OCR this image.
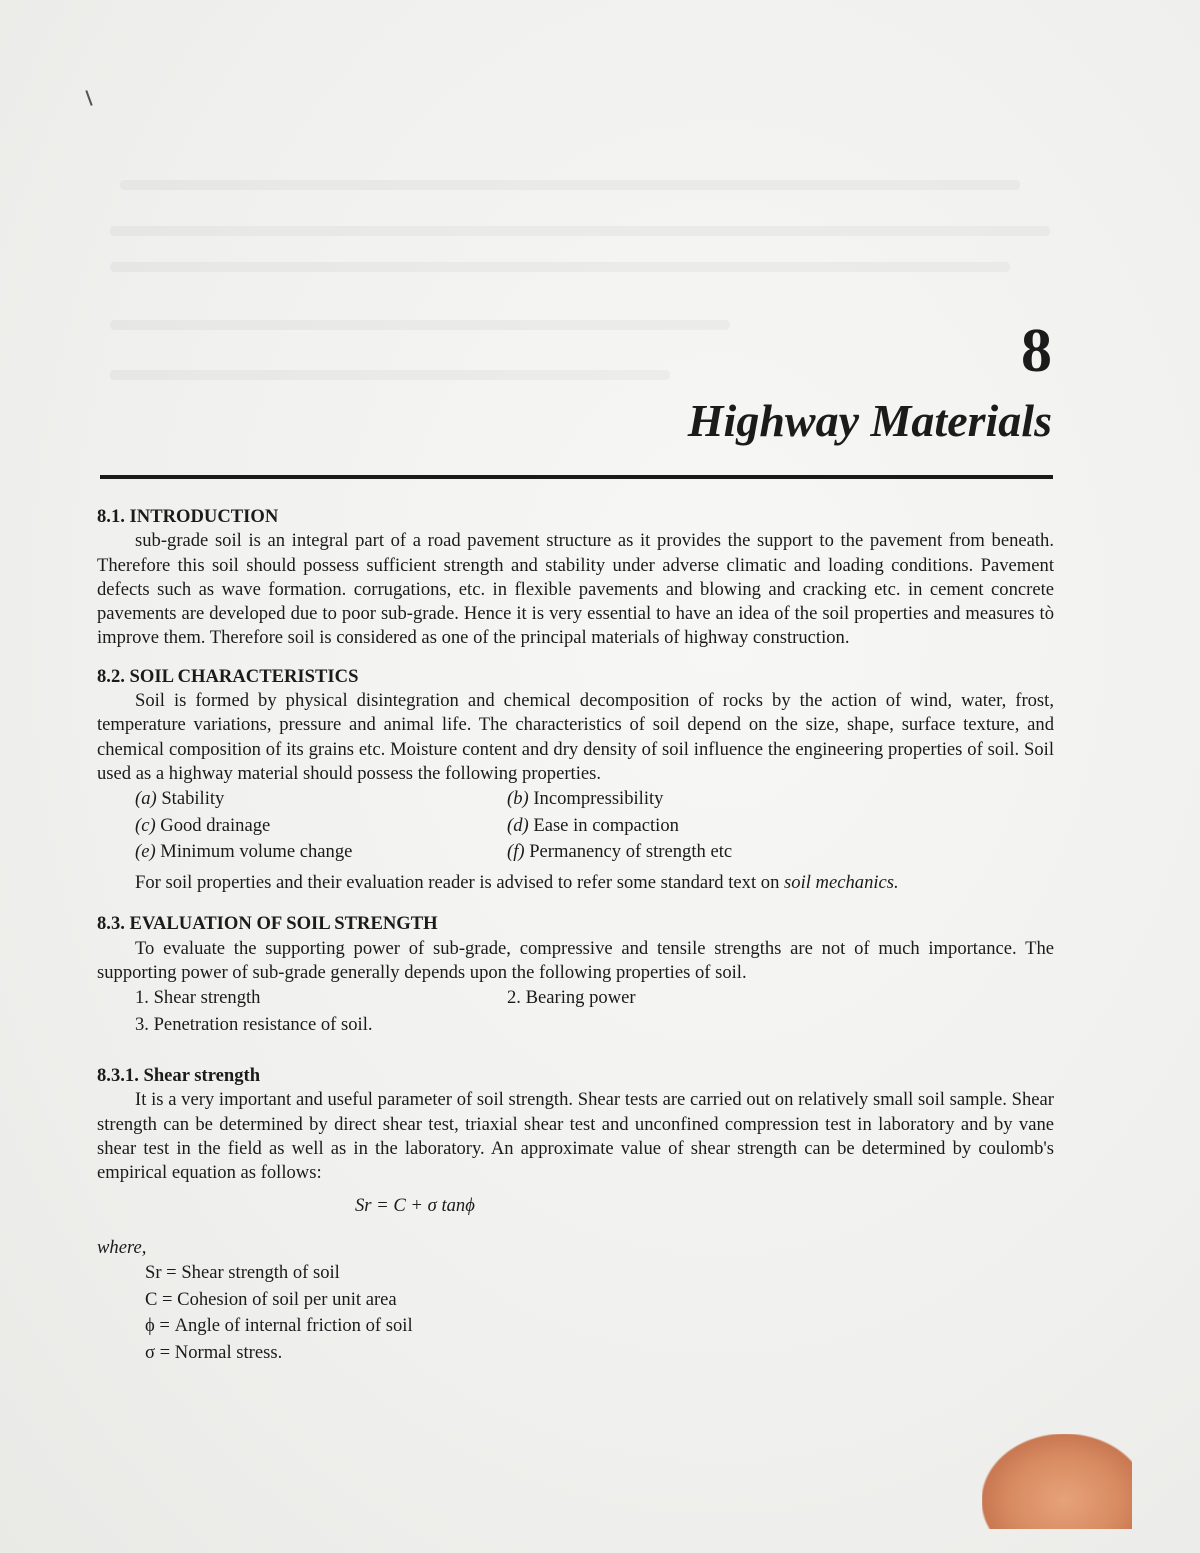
8
Highway Materials

8.1. INTRODUCTION

sub-grade soil is an integral part of a road pavement structure as it provides the support to the pavement from beneath. Therefore this soil should possess sufficient strength and stability under adverse climatic and loading conditions. Pavement defects such as wave formation. corrugations, etc. in flexible pavements and blowing and cracking etc. in cement concrete pavements are developed due to poor sub-grade. Hence it is very essential to have an idea of the soil properties and measures tò improve them. Therefore soil is considered as one of the principal materials of highway construction.

8.2. SOIL CHARACTERISTICS

Soil is formed by physical disintegration and chemical decomposition of rocks by the action of wind, water, frost, temperature variations, pressure and animal life. The characteristics of soil depend on the size, shape, surface texture, and chemical composition of its grains etc. Moisture content and dry density of soil influence the engineering properties of soil. Soil used as a highway material should possess the following properties.

(a) Stability	(b) Incompressibility
(c) Good drainage	(d) Ease in compaction
(e) Minimum volume change	(f) Permanency of strength etc
For soil properties and their evaluation reader is advised to refer some standard text on soil mechanics.

8.3. EVALUATION OF SOIL STRENGTH

To evaluate the supporting power of sub-grade, compressive and tensile strengths are not of much importance. The supporting power of sub-grade generally depends upon the following properties of soil.

1. Shear strength	2. Bearing power
3. Penetration resistance of soil.

8.3.1. Shear strength

It is a very important and useful parameter of soil strength. Shear tests are carried out on relatively small soil sample. Shear strength can be determined by direct shear test, triaxial shear test and unconfined compression test in laboratory and by vane shear test in the field as well as in the laboratory. An approximate value of shear strength can be determined by coulomb's empirical equation as follows:

Sr = C + σ tanϕ
where,
Sr = Shear strength of soil
C = Cohesion of soil per unit area
ϕ = Angle of internal friction of soil
σ = Normal stress.
